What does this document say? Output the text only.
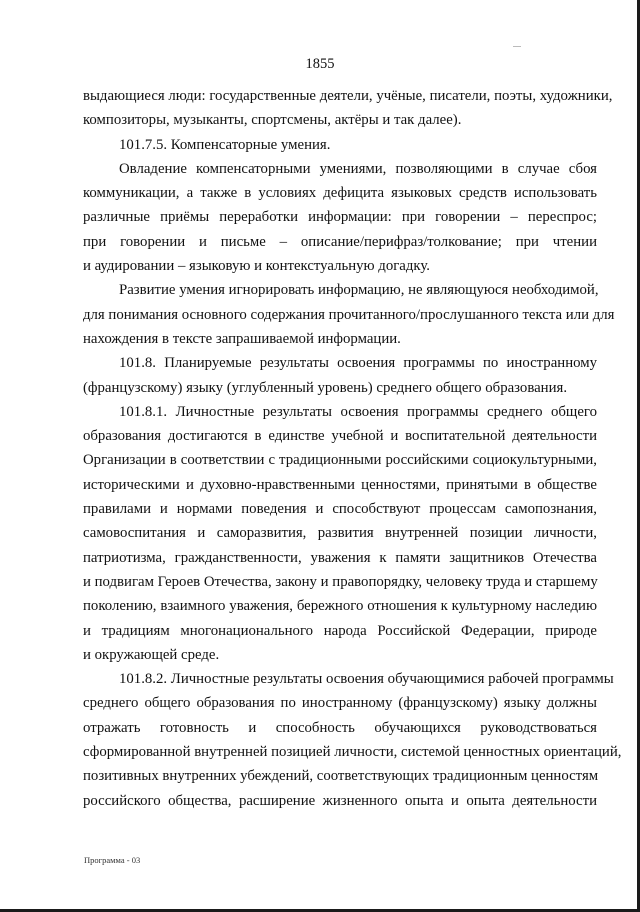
1855
выдающиеся люди: государственные деятели, учёные, писатели, поэты, художники,
композиторы, музыканты, спортсмены, актёры и так далее).
101.7.5. Компенсаторные умения.
Овладение компенсаторными умениями, позволяющими в случае сбоя
коммуникации, а также в условиях дефицита языковых средств использовать
различные приёмы переработки информации: при говорении – переспрос;
при говорении и письме – описание/перифраз/толкование; при чтении
и аудировании – языковую и контекстуальную догадку.
Развитие умения игнорировать информацию, не являющуюся необходимой,
для понимания основного содержания прочитанного/прослушанного текста или для
нахождения в тексте запрашиваемой информации.
101.8. Планируемые результаты освоения программы по иностранному
(французскому) языку (углубленный уровень) среднего общего образования.
101.8.1. Личностные результаты освоения программы среднего общего
образования достигаются в единстве учебной и воспитательной деятельности
Организации в соответствии с традиционными российскими социокультурными,
историческими и духовно-нравственными ценностями, принятыми в обществе
правилами и нормами поведения и способствуют процессам самопознания,
самовоспитания и саморазвития, развития внутренней позиции личности,
патриотизма, гражданственности, уважения к памяти защитников Отечества
и подвигам Героев Отечества, закону и правопорядку, человеку труда и старшему
поколению, взаимного уважения, бережного отношения к культурному наследию
и традициям многонационального народа Российской Федерации, природе
и окружающей среде.
101.8.2. Личностные результаты освоения обучающимися рабочей программы
среднего общего образования по иностранному (французскому) языку должны
отражать готовность и способность обучающихся руководствоваться
сформированной внутренней позицией личности, системой ценностных ориентаций,
позитивных внутренних убеждений, соответствующих традиционным ценностям
российского общества, расширение жизненного опыта и опыта деятельности
Программа - 03
